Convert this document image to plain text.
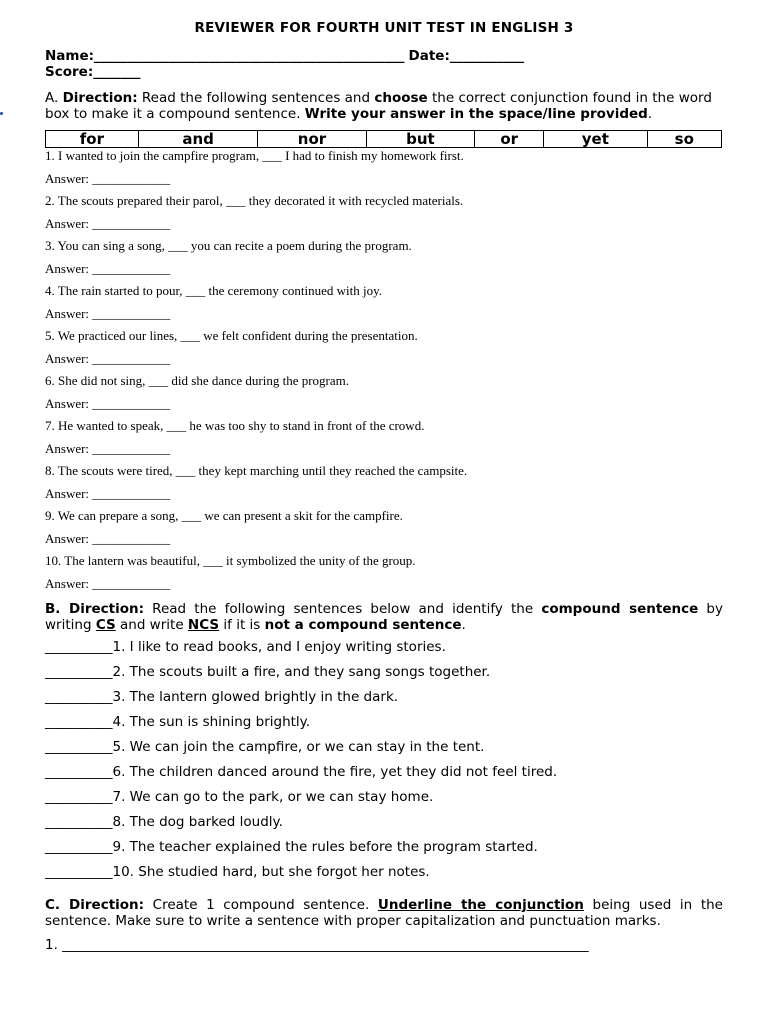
REVIEWER FOR FOURTH UNIT TEST IN ENGLISH 3
Name:______________________________________________ Date:___________
Score:_______
A. Direction: Read the following sentences and choose the correct conjunction found in the word box to make it a compound sentence. Write your answer in the space/line provided.
for	and	nor	but	or	yet	so
1. I wanted to join the campfire program, ___ I had to finish my homework first.
Answer: ____________
2. The scouts prepared their parol, ___ they decorated it with recycled materials.
Answer: ____________
3. You can sing a song, ___ you can recite a poem during the program.
Answer: ____________
4. The rain started to pour, ___ the ceremony continued with joy.
Answer: ____________
5. We practiced our lines, ___ we felt confident during the presentation.
Answer: ____________
6. She did not sing, ___ did she dance during the program.
Answer: ____________
7. He wanted to speak, ___ he was too shy to stand in front of the crowd.
Answer: ____________
8. The scouts were tired, ___ they kept marching until they reached the campsite.
Answer: ____________
9. We can prepare a song, ___ we can present a skit for the campfire.
Answer: ____________
10. The lantern was beautiful, ___ it symbolized the unity of the group.
Answer: ____________
B. Direction: Read the following sentences below and identify the compound sentence by writing CS and write NCS if it is not a compound sentence.
__________1. I like to read books, and I enjoy writing stories.
__________2. The scouts built a fire, and they sang songs together.
__________3. The lantern glowed brightly in the dark.
__________4. The sun is shining brightly.
__________5. We can join the campfire, or we can stay in the tent.
__________6. The children danced around the fire, yet they did not feel tired.
__________7. We can go to the park, or we can stay home.
__________8. The dog barked loudly.
__________9. The teacher explained the rules before the program started.
__________10. She studied hard, but she forgot her notes.
C. Direction: Create 1 compound sentence. Underline the conjunction being used in the sentence. Make sure to write a sentence with proper capitalization and punctuation marks.
1. ______________________________________________________________________________
